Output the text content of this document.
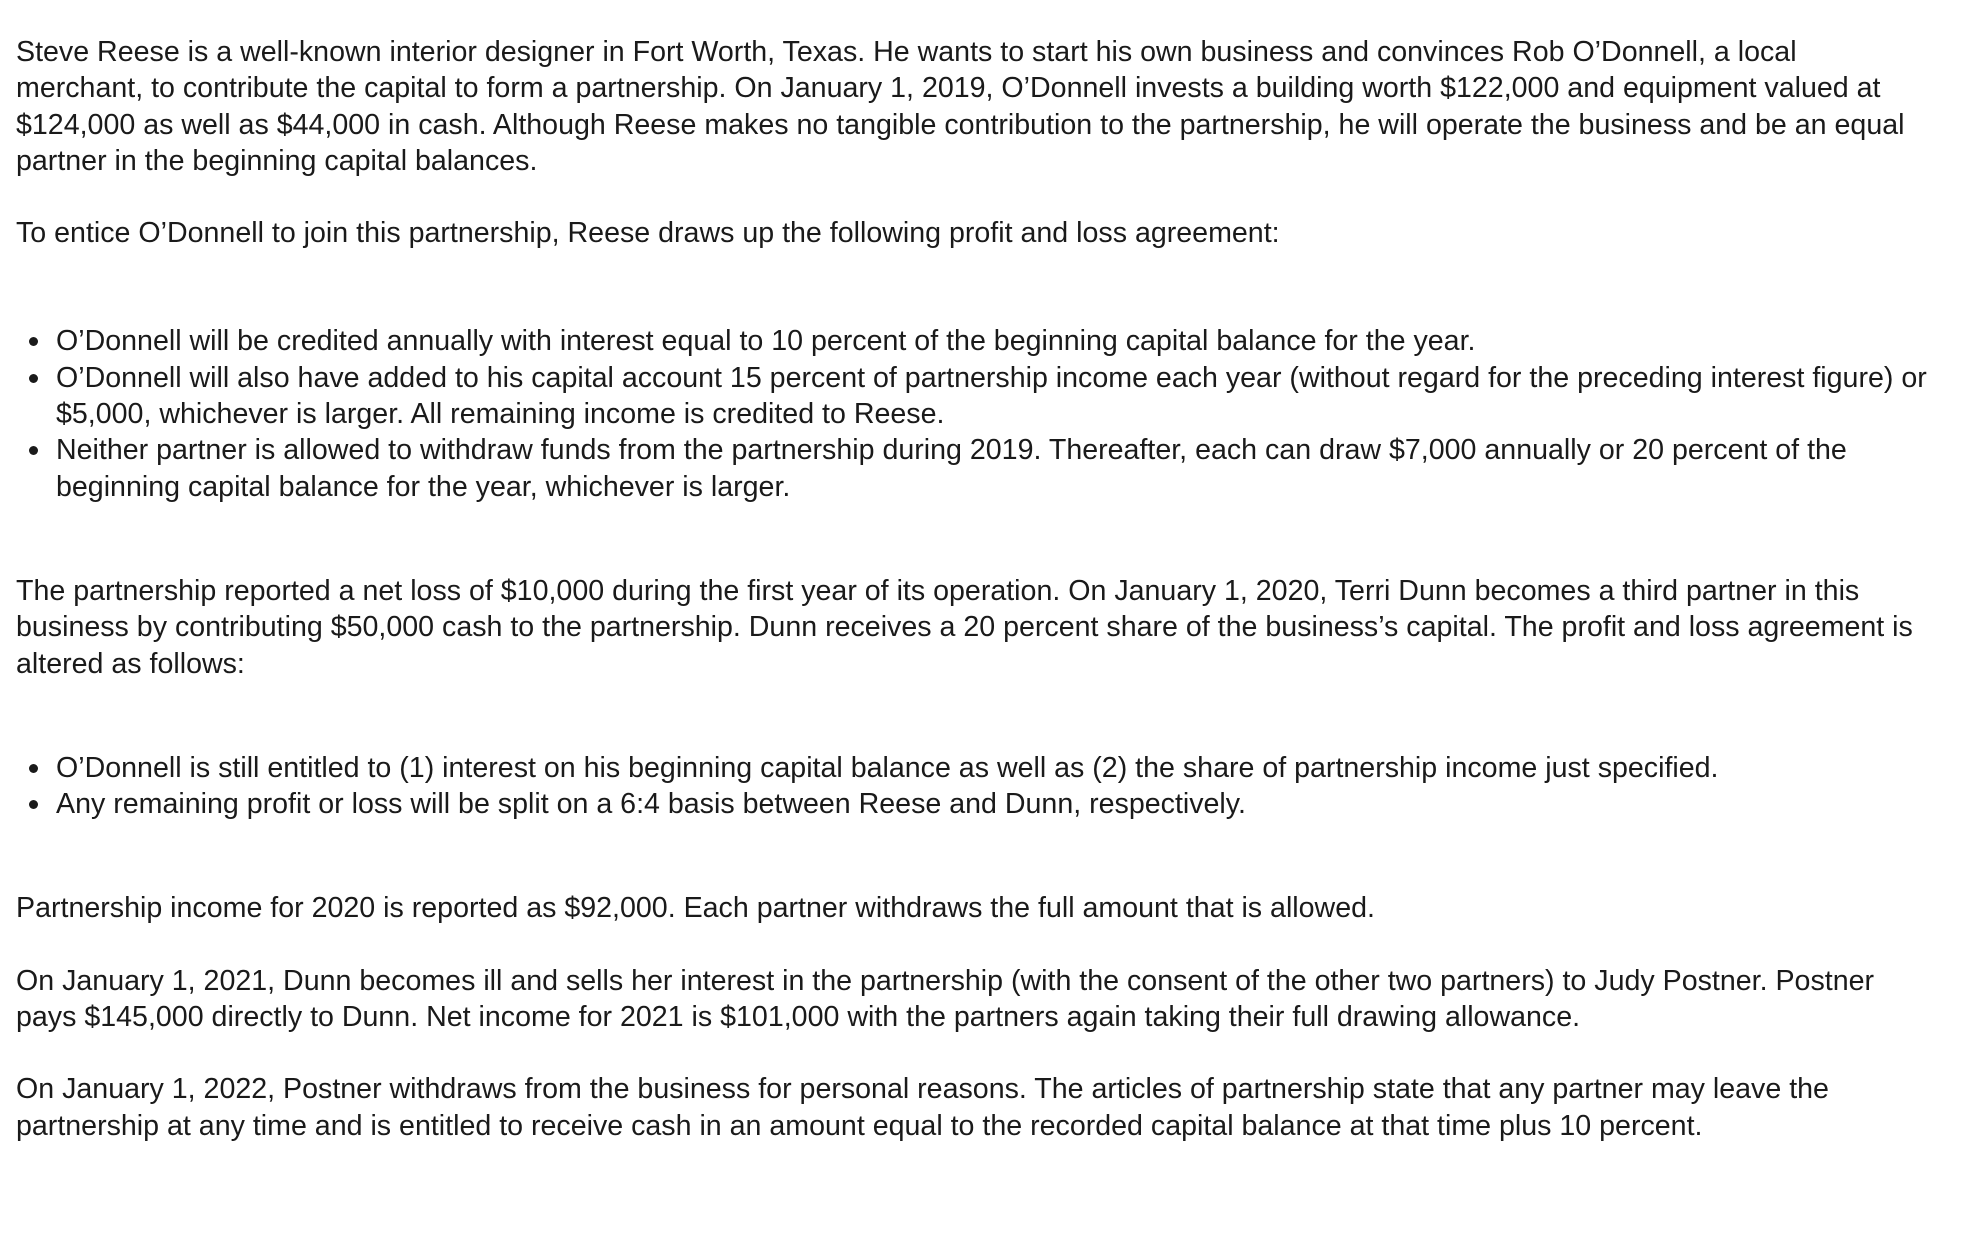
Steve Reese is a well-known interior designer in Fort Worth, Texas. He wants to start his own business and convinces Rob O’Donnell, a local merchant, to contribute the capital to form a partnership. On January 1, 2019, O’Donnell invests a building worth $122,000 and equipment valued at $124,000 as well as $44,000 in cash. Although Reese makes no tangible contribution to the partnership, he will operate the business and be an equal partner in the beginning capital balances.

To entice O’Donnell to join this partnership, Reese draws up the following profit and loss agreement:

O’Donnell will be credited annually with interest equal to 10 percent of the beginning capital balance for the year.
O’Donnell will also have added to his capital account 15 percent of partnership income each year (without regard for the preceding interest figure) or $5,000, whichever is larger. All remaining income is credited to Reese.
Neither partner is allowed to withdraw funds from the partnership during 2019. Thereafter, each can draw $7,000 annually or 20 percent of the beginning capital balance for the year, whichever is larger.

The partnership reported a net loss of $10,000 during the first year of its operation. On January 1, 2020, Terri Dunn becomes a third partner in this business by contributing $50,000 cash to the partnership. Dunn receives a 20 percent share of the business’s capital. The profit and loss agreement is altered as follows:

O’Donnell is still entitled to (1) interest on his beginning capital balance as well as (2) the share of partnership income just specified.
Any remaining profit or loss will be split on a 6:4 basis between Reese and Dunn, respectively.

Partnership income for 2020 is reported as $92,000. Each partner withdraws the full amount that is allowed.

On January 1, 2021, Dunn becomes ill and sells her interest in the partnership (with the consent of the other two partners) to Judy Postner. Postner pays $145,000 directly to Dunn. Net income for 2021 is $101,000 with the partners again taking their full drawing allowance.

On January 1, 2022, Postner withdraws from the business for personal reasons. The articles of partnership state that any partner may leave the partnership at any time and is entitled to receive cash in an amount equal to the recorded capital balance at that time plus 10 percent.
